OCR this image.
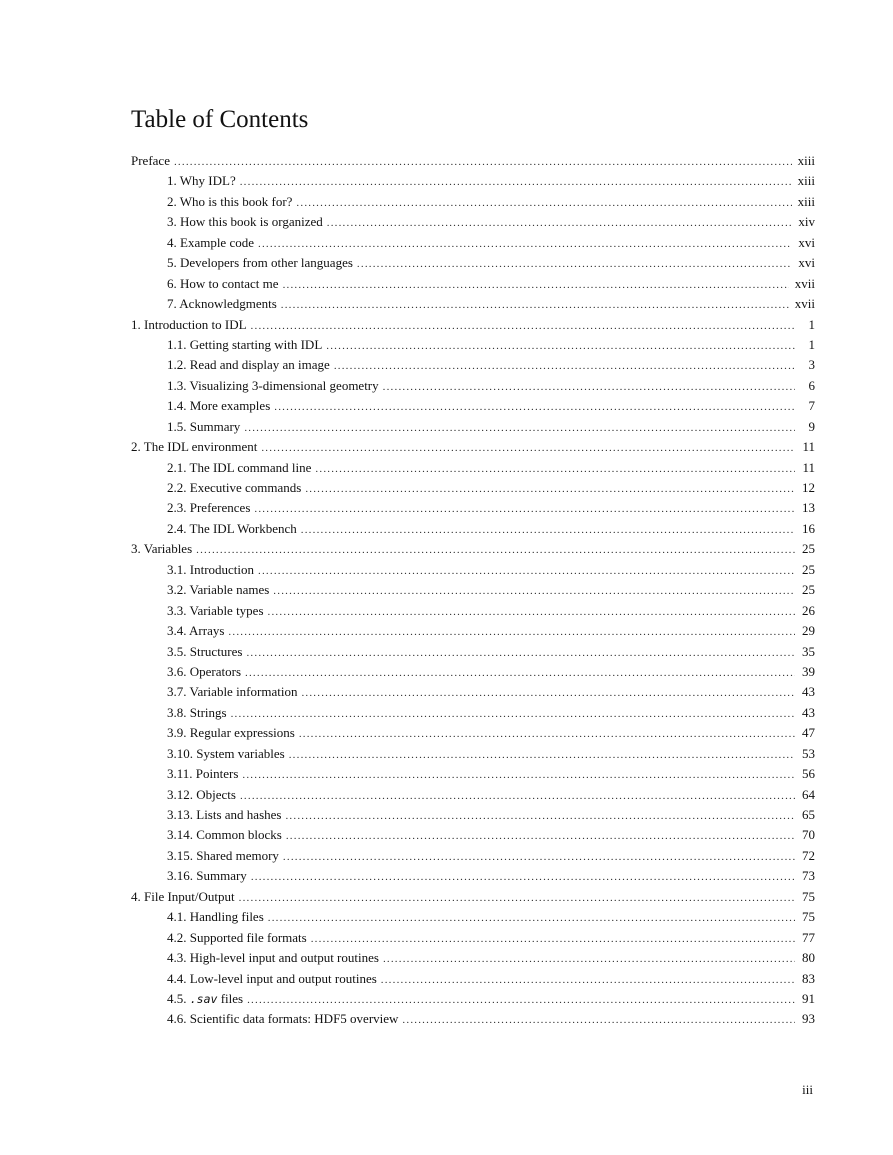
Table of Contents
Preface .....	xiii
1. Why IDL? .....	xiii
2. Who is this book for? .....	xiii
3. How this book is organized .....	xiv
4. Example code .....	xvi
5. Developers from other languages .....	xvi
6. How to contact me .....	xvii
7. Acknowledgments .....	xvii
1. Introduction to IDL .....	1
1.1. Getting starting with IDL .....	1
1.2. Read and display an image .....	3
1.3. Visualizing 3-dimensional geometry .....	6
1.4. More examples .....	7
1.5. Summary .....	9
2. The IDL environment .....	11
2.1. The IDL command line .....	11
2.2. Executive commands .....	12
2.3. Preferences .....	13
2.4. The IDL Workbench .....	16
3. Variables .....	25
3.1. Introduction .....	25
3.2. Variable names .....	25
3.3. Variable types .....	26
3.4. Arrays .....	29
3.5. Structures .....	35
3.6. Operators .....	39
3.7. Variable information .....	43
3.8. Strings .....	43
3.9. Regular expressions .....	47
3.10. System variables .....	53
3.11. Pointers .....	56
3.12. Objects .....	64
3.13. Lists and hashes .....	65
3.14. Common blocks .....	70
3.15. Shared memory .....	72
3.16. Summary .....	73
4. File Input/Output .....	75
4.1. Handling files .....	75
4.2. Supported file formats .....	77
4.3. High-level input and output routines .....	80
4.4. Low-level input and output routines .....	83
4.5. .sav files .....	91
4.6. Scientific data formats: HDF5 overview .....	93
iii
